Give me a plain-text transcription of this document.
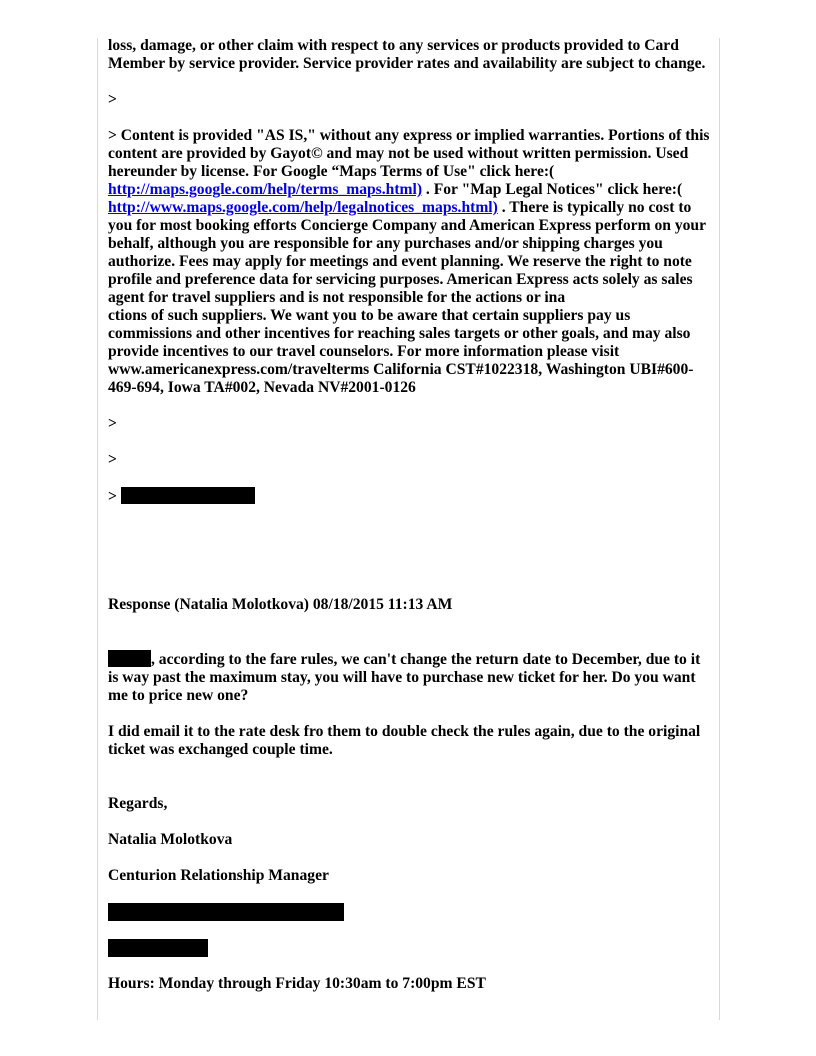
loss, damage, or other claim with respect to any services or products provided to Card Member by service provider. Service provider rates and availability are subject to change.

>

> Content is provided "AS IS," without any express or implied warranties. Portions of this content are provided by Gayot© and may not be used without written permission. Used hereunder by license. For Google “Maps Terms of Use" click here:(
http://maps.google.com/help/terms_maps.html) . For "Map Legal Notices" click here:(
http://www.maps.google.com/help/legalnotices_maps.html) . There is typically no cost to you for most booking efforts Concierge Company and American Express perform on your behalf, although you are responsible for any purchases and/or shipping charges you authorize. Fees may apply for meetings and event planning. We reserve the right to note profile and preference data for servicing purposes. American Express acts solely as sales agent for travel suppliers and is not responsible for the actions or ina
ctions of such suppliers. We want you to be aware that certain suppliers pay us commissions and other incentives for reaching sales targets or other goals, and may also provide incentives to our travel counselors. For more information please visit www.americanexpress.com/travelterms California CST#1022318, Washington UBI#600-469-694, Iowa TA#002, Nevada NV#2001-0126

>

>

>

Response (Natalia Molotkova) 08/18/2015 11:13 AM

, according to the fare rules, we can't change the return date to December, due to it is way past the maximum stay, you will have to purchase new ticket for her. Do you want me to price new one?

I did email it to the rate desk fro them to double check the rules again, due to the original ticket was exchanged couple time.

Regards,

Natalia Molotkova

Centurion Relationship Manager

Hours: Monday through Friday 10:30am to 7:00pm EST
